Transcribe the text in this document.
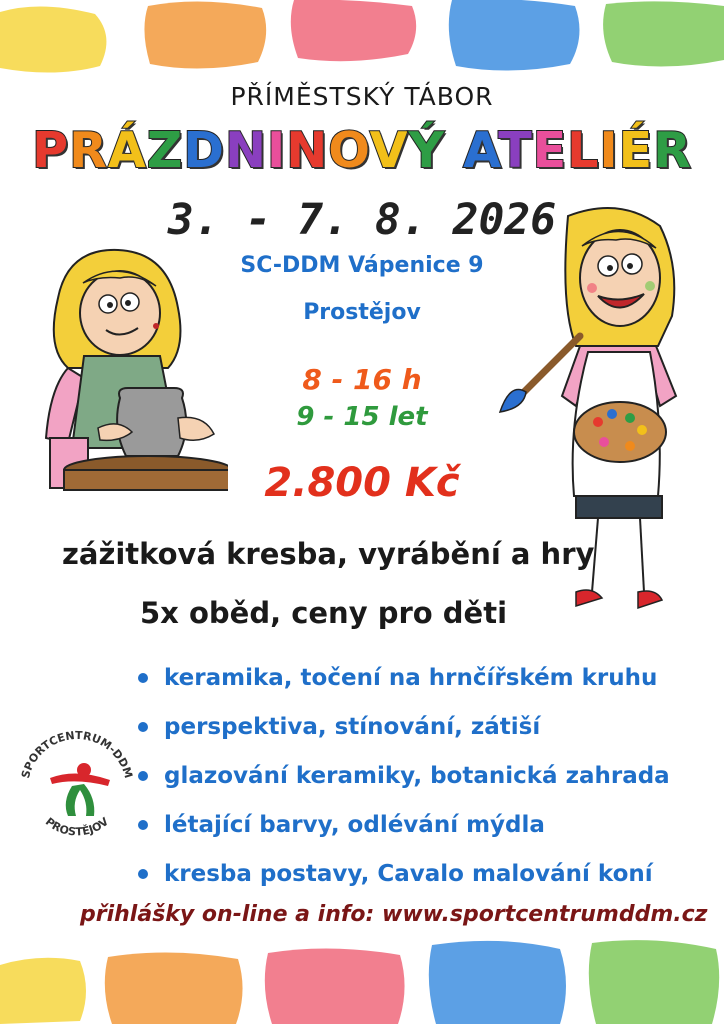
PŘÍMĚSTSKÝ TÁBOR
PRÁZDNINOVÝ ATELIÉR
3. - 7. 8. 2026
SC-DDM Vápenice 9
Prostějov
8 - 16 h
9 - 15 let
2.800 Kč
zážitková kresba, vyrábění a hry
5x oběd, ceny pro děti
keramika, točení na hrnčířském kruhu
perspektiva, stínování, zátiší
glazování keramiky, botanická zahrada
létající barvy, odlévání mýdla
kresba postavy, Cavalo malování koní
přihlášky on-line a info: www.sportcentrumddm.cz
SPORTCENTRUM-DDM
PROSTĚJOV
